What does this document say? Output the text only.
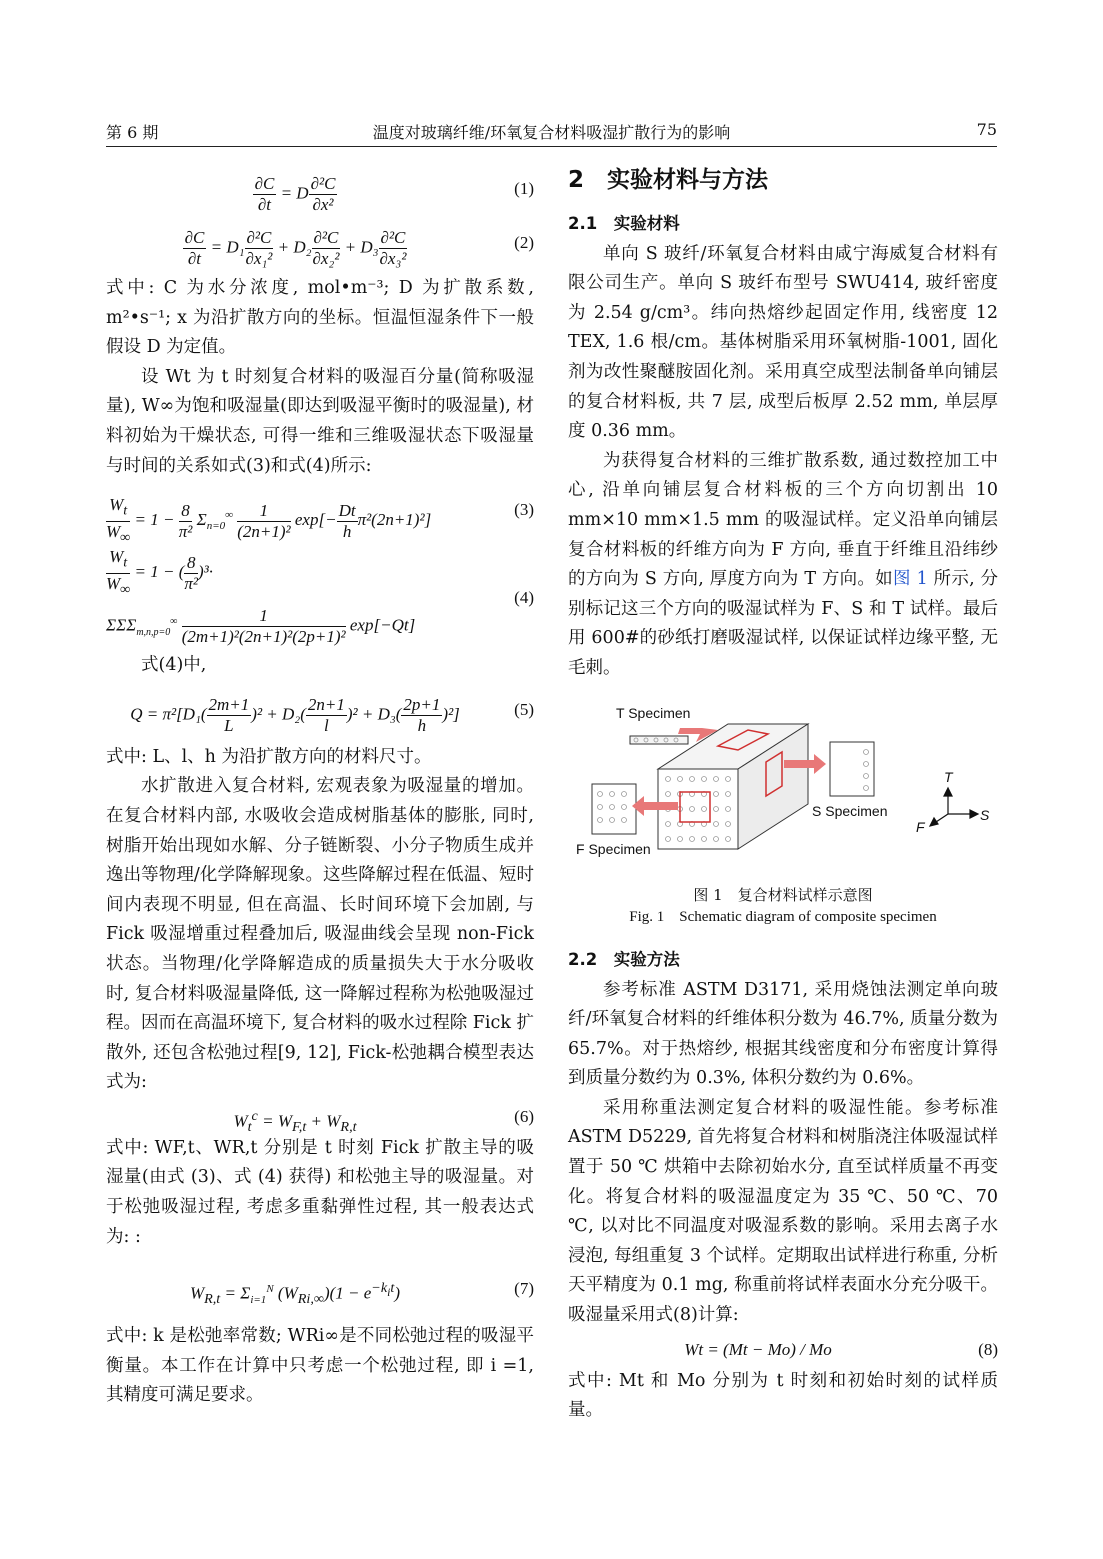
第 6 期	温度对玻璃纤维/环氧复合材料吸湿扩散行为的影响	75
$\frac{\partial C}{\partial t} = D \frac{\text{∂²C}}{\text{∂x²}}$	(1)
$\frac{\partial C}{\partial t} = D_1 \frac{\text{∂²C}}{\text{∂x₁²}} + D_2 \frac{\text{∂²C}}{\text{∂x₂²}} + D_3 \frac{\text{∂²C}}{\text{∂x₃²}}$	(2)

式中: C 为水分浓度, mol•m⁻³; D 为扩散系数, m²•s⁻¹; x 为沿扩散方向的坐标。恒温恒湿条件下一般假设 D 为定值。

设 Wt 为 t 时刻复合材料的吸湿百分量(简称吸湿量), W∞为饱和吸湿量(即达到吸湿平衡时的吸湿量), 材料初始为干燥状态, 可得一维和三维吸湿状态下吸湿量与时间的关系如式(3)和式(4)所示:

$\frac{W_t}{W_\infty} = 1 - \frac{8}{\text{π²}} \Sigma_{n=0}^\infty \frac{1}{\text{(2n+1)²}} \exp[- \frac{Dt}{h} \pi^2(2n+1)^2]$
(3)
$\frac{W_t}{W_\infty} = 1$ − ( $\frac{8}{\text{π²}} )^3\cdot$
$\Sigma\Sigma\Sigma_{m,n,p=0}^\infty \frac{1}{\text{(2m+1)²(2n+1)²(2p+1)²}} \exp[-Qt]$
(4)

式(4)中,

$Q = \pi^2[D_1( \frac{2m+1}{L} )^2 + D_2( \frac{2n+1}{l} )^2 + D_3( \frac{2p+1}{h} )^2]$	(5)

式中: L、l、h 为沿扩散方向的材料尺寸。

水扩散进入复合材料, 宏观表象为吸湿量的增加。在复合材料内部, 水吸收会造成树脂基体的膨胀, 同时, 树脂开始出现如水解、分子链断裂、小分子物质生成并逸出等物理/化学降解现象。这些降解过程在低温、短时间内表现不明显, 但在高温、长时间环境下会加剧, 与 Fick 吸湿增重过程叠加后, 吸湿曲线会呈现 non-Fick 状态。当物理/化学降解造成的质量损失大于水分吸收时, 复合材料吸湿量降低, 这一降解过程称为松弛吸湿过程。因而在高温环境下, 复合材料的吸水过程除 Fick 扩散外, 还包含松弛过程[9, 12], Fick-松弛耦合模型表达式为:

$W_t^c = W_{F,t} + W_{R,t}$
(6)

式中: WF,t、WR,t 分别是 t 时刻 Fick 扩散主导的吸湿量(由式 (3)、式 (4) 获得) 和松弛主导的吸湿量。对于松弛吸湿过程, 考虑多重黏弹性过程, 其一般表达式为: :

$W_{R,t} = \Sigma_{i=1}^N$ $(W_{Ri,\infty})(1 - e^{-k_it})$	(7)

式中: k 是松弛率常数; WRi∞是不同松弛过程的吸湿平衡量。本工作在计算中只考虑一个松弛过程, 即 i =1, 其精度可满足要求。

2　实验材料与方法
2.1　实验材料

单向 S 玻纤/环氧复合材料由咸宁海威复合材料有限公司生产。单向 S 玻纤布型号 SWU414, 玻纤密度为 2.54 g/cm³。纬向热熔纱起固定作用, 线密度 12 TEX, 1.6 根/cm。基体树脂采用环氧树脂-1001, 固化剂为改性聚醚胺固化剂。采用真空成型法制备单向铺层的复合材料板, 共 7 层, 成型后板厚 2.52 mm, 单层厚度 0.36 mm。

为获得复合材料的三维扩散系数, 通过数控加工中心, 沿单向铺层复合材料板的三个方向切割出 10 mm×10 mm×1.5 mm 的吸湿试样。定义沿单向铺层复合材料板的纤维方向为 F 方向, 垂直于纤维且沿纬纱的方向为 S 方向, 厚度方向为 T 方向。如图 1 所示, 分别标记这三个方向的吸湿试样为 F、S 和 T 试样。最后用 600#的砂纸打磨吸湿试样, 以保证试样边缘平整, 无毛刺。

T Specimen
S Specimen
F Specimen
T
S
F
图 1　复合材料试样示意图
Fig. 1　Schematic diagram of composite specimen
2.2　实验方法

参考标准 ASTM D3171, 采用烧蚀法测定单向玻纤/环氧复合材料的纤维体积分数为 46.7%, 质量分数为 65.7%。对于热熔纱, 根据其线密度和分布密度计算得到质量分数约为 0.3%, 体积分数约为 0.6%。

采用称重法测定复合材料的吸湿性能。参考标准 ASTM D5229, 首先将复合材料和树脂浇注体吸湿试样置于 50 ℃ 烘箱中去除初始水分, 直至试样质量不再变化。将复合材料的吸湿温度定为 35 ℃、50 ℃、70 ℃, 以对比不同温度对吸湿系数的影响。采用去离子水浸泡, 每组重复 3 个试样。定期取出试样进行称重, 分析天平精度为 0.1 mg, 称重前将试样表面水分充分吸干。吸湿量采用式(8)计算:

Wt = (Mt − Mo) / Mo	(8)

式中: Mt 和 Mo 分别为 t 时刻和初始时刻的试样质量。
